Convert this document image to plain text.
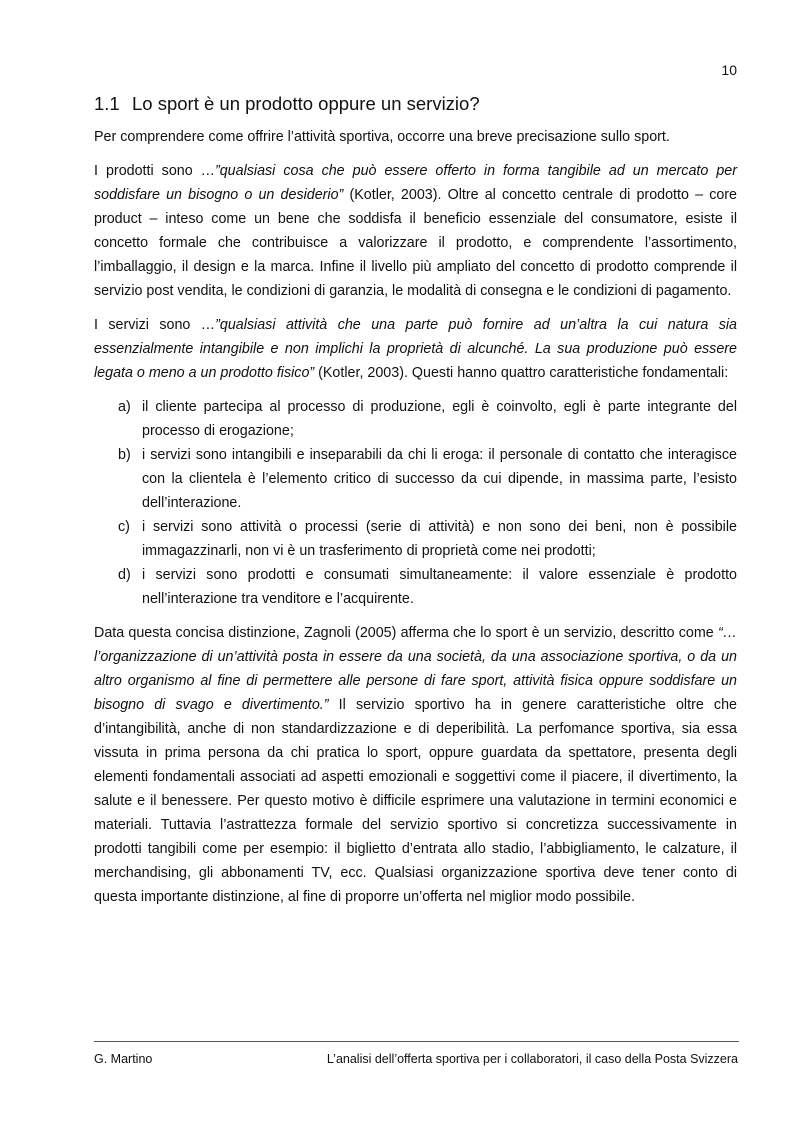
10
1.1 Lo sport è un prodotto oppure un servizio?

Per comprendere come offrire l’attività sportiva, occorre una breve precisazione sullo sport.

I prodotti sono …”qualsiasi cosa che può essere offerto in forma tangibile ad un mercato per soddisfare un bisogno o un desiderio” (Kotler, 2003). Oltre al concetto centrale di prodotto – core product – inteso come un bene che soddisfa il beneficio essenziale del consumatore, esiste il concetto formale che contribuisce a valorizzare il prodotto, e comprendente l’assortimento, l’imballaggio, il design e la marca. Infine il livello più ampliato del concetto di prodotto comprende il servizio post vendita, le condizioni di garanzia, le modalità di consegna e le condizioni di pagamento.

I servizi sono …”qualsiasi attività che una parte può fornire ad un’altra la cui natura sia essenzialmente intangibile e non implichi la proprietà di alcunché. La sua produzione può essere legata o meno a un prodotto fisico” (Kotler, 2003). Questi hanno quattro caratteristiche fondamentali:

a) il cliente partecipa al processo di produzione, egli è coinvolto, egli è parte integrante del processo di erogazione;
b) i servizi sono intangibili e inseparabili da chi li eroga: il personale di contatto che interagisce con la clientela è l’elemento critico di successo da cui dipende, in massima parte, l’esisto dell’interazione.
c) i servizi sono attività o processi (serie di attività) e non sono dei beni, non è possibile immagazzinarli, non vi è un trasferimento di proprietà come nei prodotti;
d) i servizi sono prodotti e consumati simultaneamente: il valore essenziale è prodotto nell’interazione tra venditore e l’acquirente.

Data questa concisa distinzione, Zagnoli (2005) afferma che lo sport è un servizio, descritto come “…l’organizzazione di un’attività posta in essere da una società, da una associazione sportiva, o da un altro organismo al fine di permettere alle persone di fare sport, attività fisica oppure soddisfare un bisogno di svago e divertimento.” Il servizio sportivo ha in genere caratteristiche oltre che d’intangibilità, anche di non standardizzazione e di deperibilità. La perfomance sportiva, sia essa vissuta in prima persona da chi pratica lo sport, oppure guardata da spettatore, presenta degli elementi fondamentali associati ad aspetti emozionali e soggettivi come il piacere, il divertimento, la salute e il benessere. Per questo motivo è difficile esprimere una valutazione in termini economici e materiali. Tuttavia l’astrattezza formale del servizio sportivo si concretizza successivamente in prodotti tangibili come per esempio: il biglietto d’entrata allo stadio, l’abbigliamento, le calzature, il merchandising, gli abbonamenti TV, ecc. Qualsiasi organizzazione sportiva deve tener conto di questa importante distinzione, al fine di proporre un’offerta nel miglior modo possibile.

G. Martino	L’analisi dell’offerta sportiva per i collaboratori, il caso della Posta Svizzera
